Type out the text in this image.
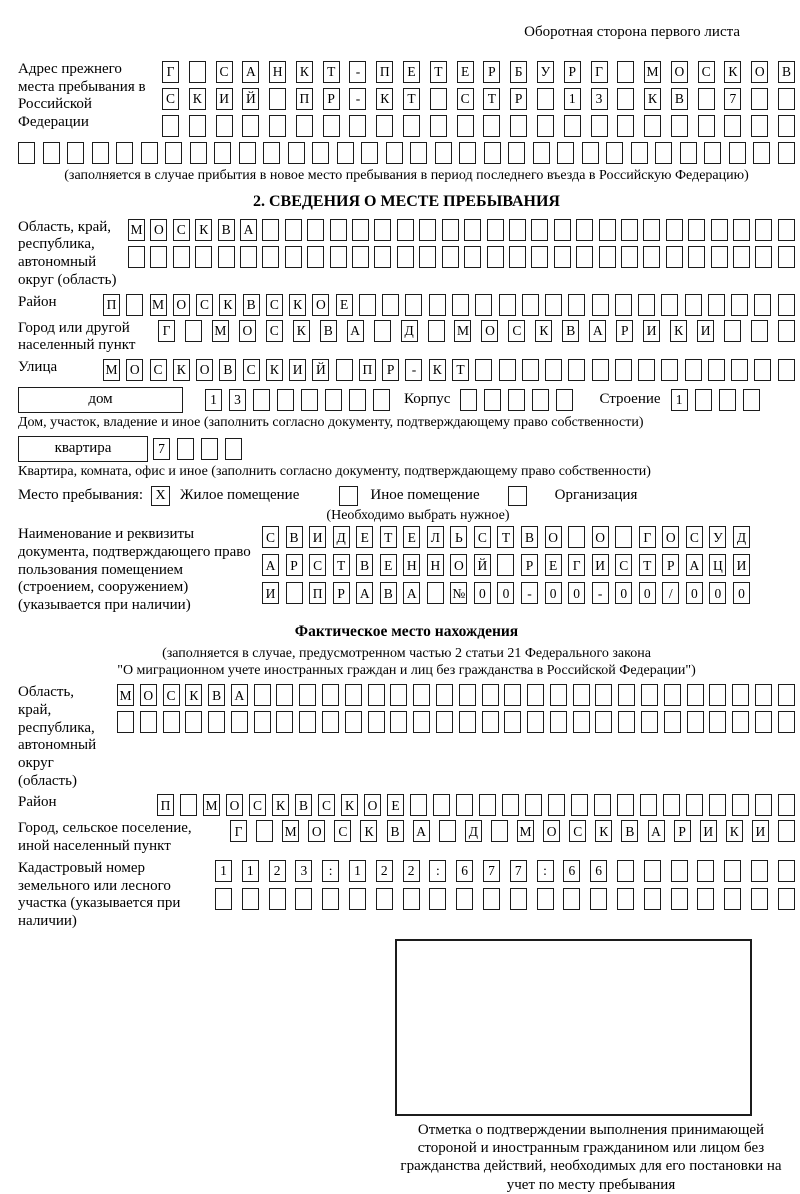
Оборотная сторона первого листа
Адрес прежнего места пребывания в Российской Федерации
Г	С А Н К	Т	-	П	Е	Т	Е	Р	Б	У	Р	Г	М О С К О В
С К И Й	П	Р	-	К	Т	С	Т	Р	1	3	К В	7
(заполняется в случае прибытия в новое место пребывания в период последнего въезда в Российскую Федерацию)
2. СВЕДЕНИЯ О МЕСТЕ ПРЕБЫВАНИЯ
Область, край, республика, автономный округ (область)
М О С К В А
Район	П	М О С К В С К О	Е
Город или другой населенный пункт
Г	М О С К В А	Д	М О С К В А	Р	И К И
Улица	М О С К О В С К И Й	П	Р	-	К	Т
дом	1	3	Корпус	Строение	1
Дом, участок, владение и иное (заполнить согласно документу, подтверждающему право собственности)
квартира	7
Квартира, комната, офис и иное (заполнить согласно документу, подтверждающему право собственности)
Место пребывания: X Жилое помещение	Иное помещение	Организация
(Необходимо выбрать нужное)
Наименование и реквизиты документа, подтверждающего право пользования помещением (строением, сооружением) (указывается при наличии)
С В И Д	Е	Т	Е	Л	Ь	С	Т	В О	О	Г	О С У Д
А	Р	С	Т	В	Е	Н Н О Й	Р	Е	Г	И С	Т	Р	А Ц И
И	П	Р	А В А	№	0	0	-	0	0	-	0	0	/	0	0	0
Фактическое место нахождения
(заполняется в случае, предусмотренном частью 2 статьи 21 Федерального закона
"О миграционном учете иностранных граждан и лиц без гражданства в Российской Федерации")
Область, край, республика, автономный округ (область)
М О С К В А
Район	П	М О С К В С К О	Е
Город, сельское поселение, иной населенный пункт
Г	М О С К В А	Д	М О С К В А	Р	И К И
Кадастровый номер земельного или лесного участка (указывается при наличии)
1	1	2	3	:	1	2	2	:	6	7	7	:	6	6
Отметка о подтверждении выполнения принимающей стороной и иностранным гражданином или лицом без гражданства действий, необходимых для его постановки на учет по месту пребывания
